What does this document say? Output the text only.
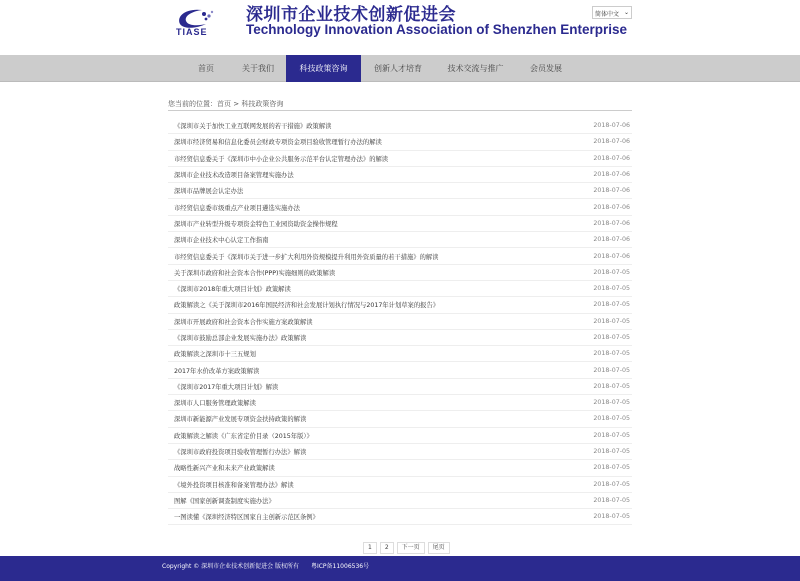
TIASE
深圳市企业技术创新促进会
Technology Innovation Association of Shenzhen Enterprise
简体中文 ⌄
首页	关于我们	科技政策咨询	创新人才培育	技术交流与推广	会员发展
您当前的位置：首页 > 科技政策咨询
《深圳市关于加快工业互联网发展的若干措施》政策解读	2018-07-06
深圳市经济贸易和信息化委员会财政专项资金项目验收管理暂行办法的解读	2018-07-06
市经贸信息委关于《深圳市中小企业公共服务示范平台认定管理办法》的解读	2018-07-06
深圳市企业技术改造项目备案管理实施办法	2018-07-06
深圳市品牌展会认定办法	2018-07-06
市经贸信息委市级重点产业项目遴选实施办法	2018-07-06
深圳市产业转型升级专项资金特色工业园资助资金操作规程	2018-07-06
深圳市企业技术中心认定工作指南	2018-07-06
市经贸信息委关于《深圳市关于进一步扩大利用外资规模提升利用外资质量的若干措施》的解读	2018-07-06
关于深圳市政府和社会资本合作(PPP)实施细则的政策解读	2018-07-05
《深圳市2018年重大项目计划》政策解读	2018-07-05
政策解读之《关于深圳市2016年国民经济和社会发展计划执行情况与2017年计划草案的报告》	2018-07-05
深圳市开展政府和社会资本合作实施方案政策解读	2018-07-05
《深圳市鼓励总部企业发展实施办法》政策解读	2018-07-05
政策解读之深圳市十三五规划	2018-07-05
2017年水价改革方案政策解读	2018-07-05
《深圳市2017年重大项目计划》解读	2018-07-05
深圳市人口服务管理政策解读	2018-07-05
深圳市新能源产业发展专项资金扶持政策的解读	2018-07-05
政策解读之解读《广东省定价目录（2015年版）》	2018-07-05
《深圳市政府投资项目验收管理暂行办法》解读	2018-07-05
战略性新兴产业和未来产业政策解读	2018-07-05
《境外投资项目核准和备案管理办法》解读	2018-07-05
图解《国家创新调查制度实施办法》	2018-07-05
一图读懂《深圳经济特区国家自主创新示范区条例》	2018-07-05
1	2	下一页	尾页
Copyright © 深圳市企业技术创新促进会 版权所有 粤ICP备11006536号
